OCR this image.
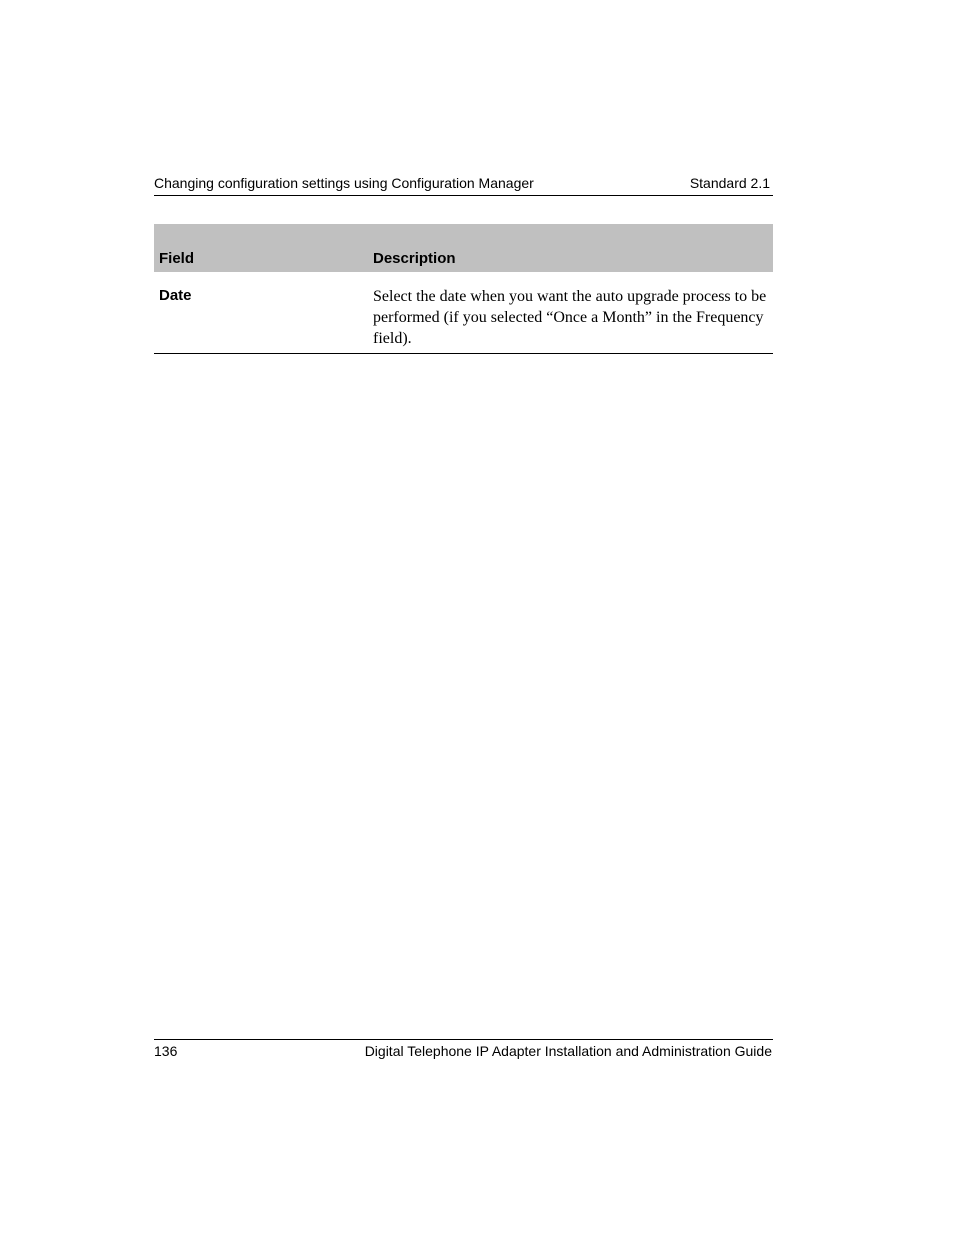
Changing configuration settings using Configuration Manager	Standard 2.1
Field	Description
Date	Select the date when you want the auto upgrade process to be performed (if you selected “Once a Month” in the Frequency field).
136	Digital Telephone IP Adapter Installation and Administration Guide
